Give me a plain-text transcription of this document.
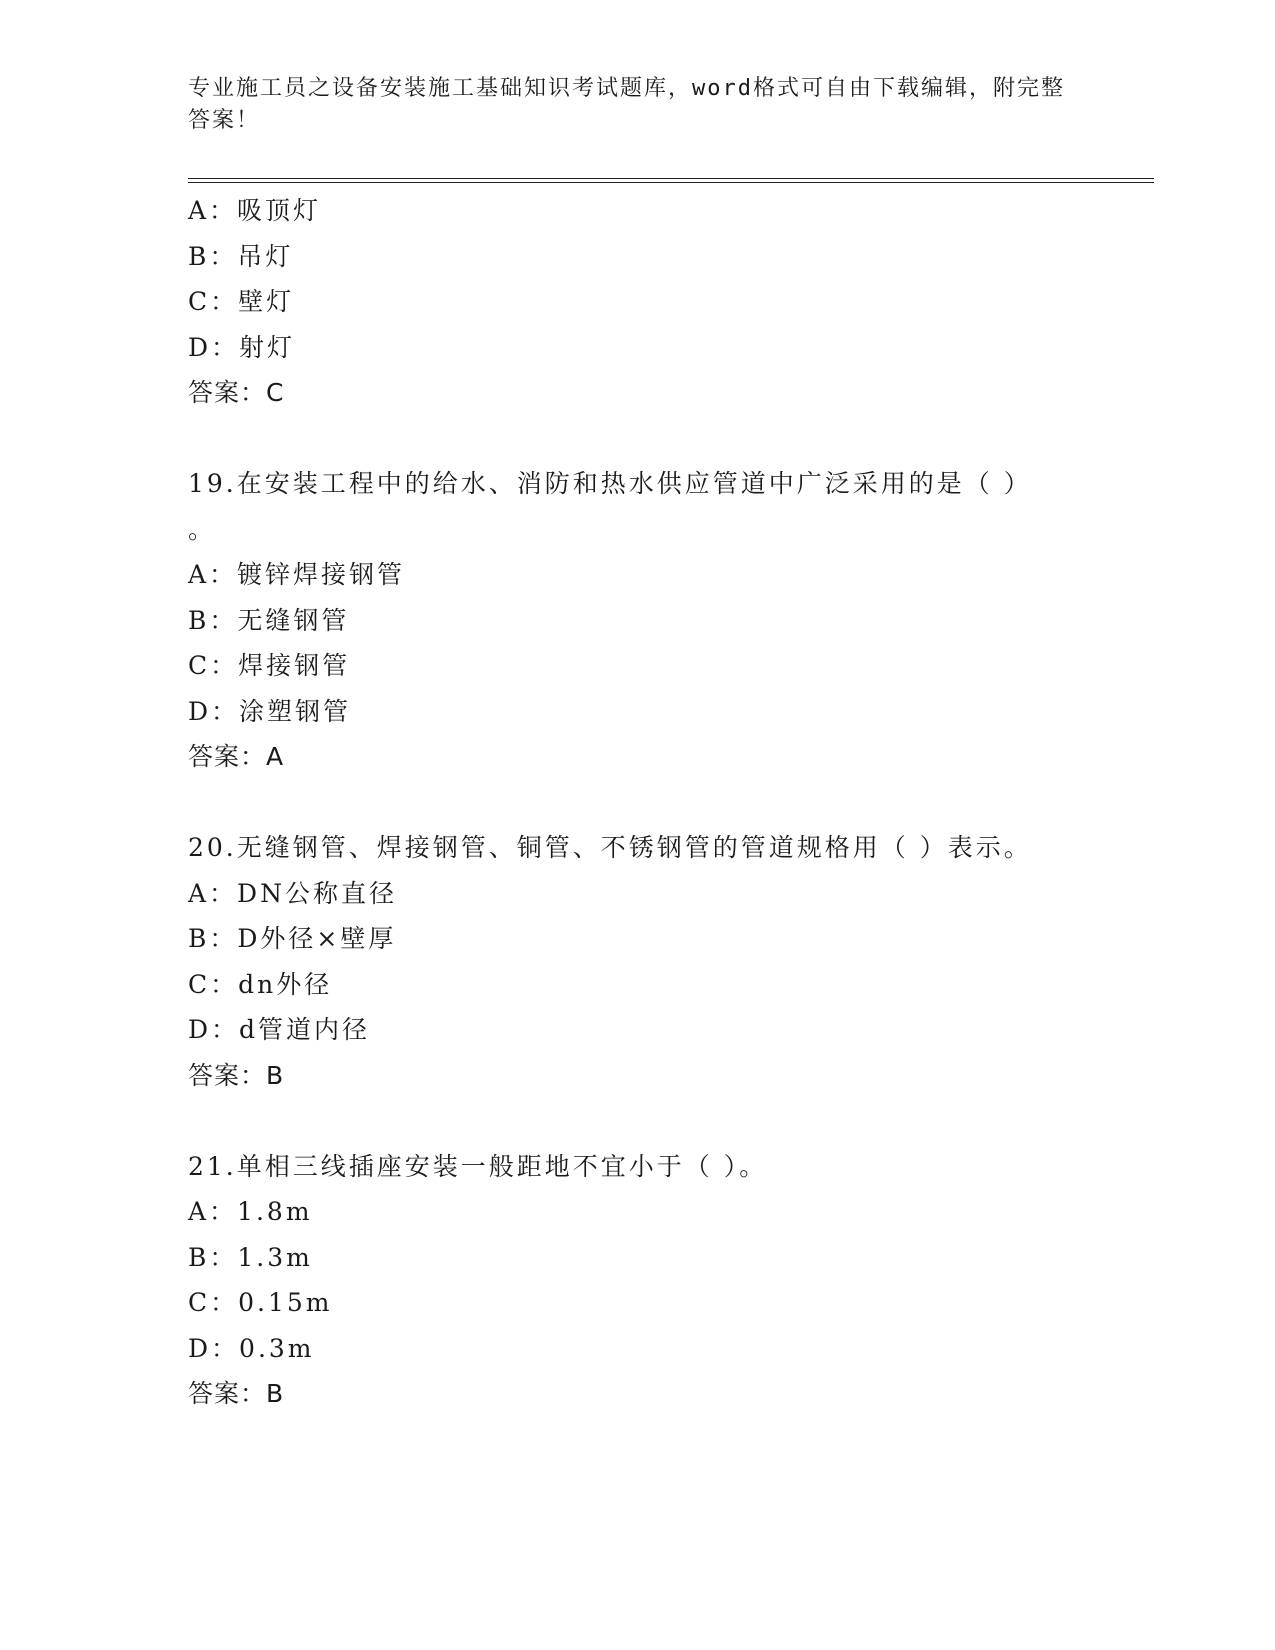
专业施工员之设备安装施工基础知识考试题库，word格式可自由下载编辑，附完整答案！
A：吸顶灯
B：吊灯
C：壁灯
D：射灯
答案：C
19.在安装工程中的给水、消防和热水供应管道中广泛采用的是（ ）
。
A：镀锌焊接钢管
B：无缝钢管
C：焊接钢管
D：涂塑钢管
答案：A
20.无缝钢管、焊接钢管、铜管、不锈钢管的管道规格用（ ）表示。
A：DN公称直径
B：D外径×壁厚
C：dn外径
D：d管道内径
答案：B
21.单相三线插座安装一般距地不宜小于（ ）。
A：1.8m
B：1.3m
C：0.15m
D：0.3m
答案：B
